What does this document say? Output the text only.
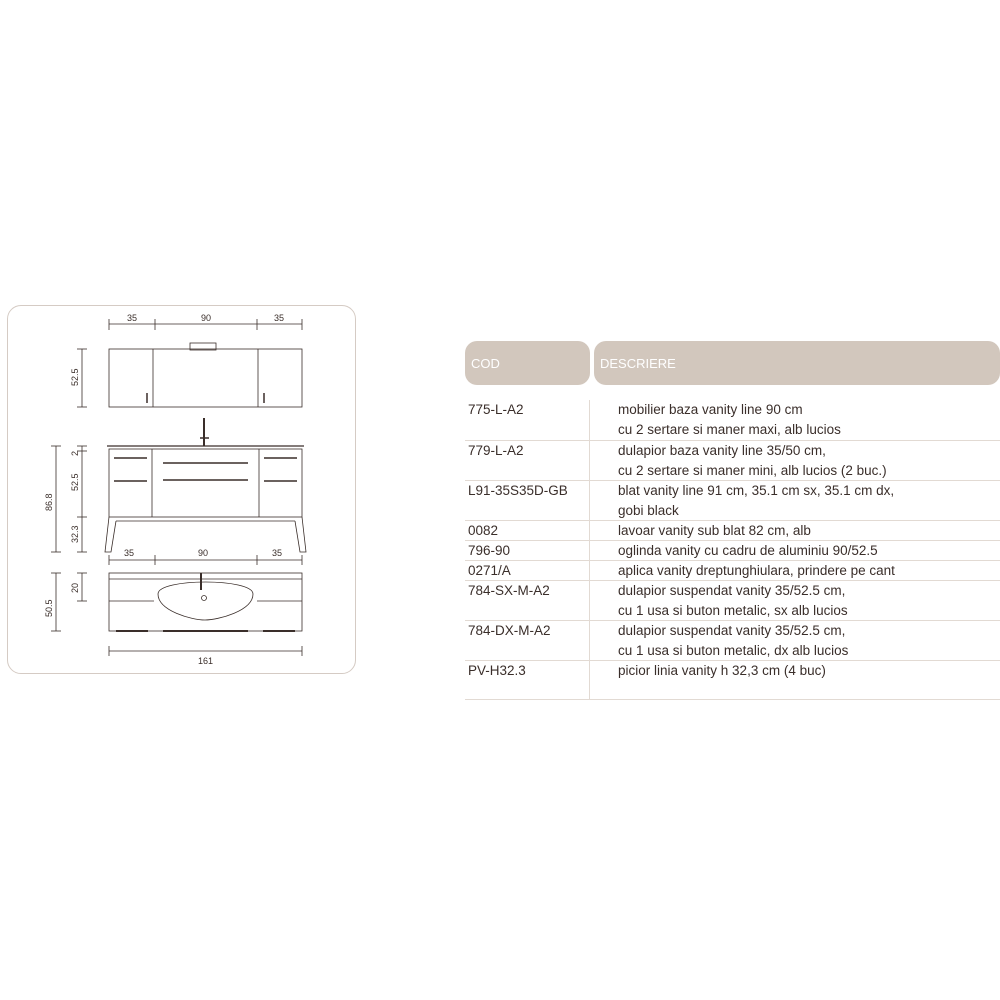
35	90	35
52.5
2
52.5
86.8
32.3
35	90	35
20
50.5
161
COD	DESCRIERE
775-L-A2	mobilier baza vanity line 90 cm
cu 2 sertare si maner maxi, alb lucios
779-L-A2	dulapior baza vanity line 35/50 cm,
cu 2 sertare si maner mini, alb lucios (2 buc.)
L91-35S35D-GB	blat vanity line 91 cm, 35.1 cm sx, 35.1 cm dx,
gobi black
0082	lavoar vanity sub blat 82 cm, alb
796-90	oglinda vanity cu cadru de aluminiu 90/52.5
0271/A	aplica vanity dreptunghiulara, prindere pe cant
784-SX-M-A2	dulapior suspendat vanity 35/52.5 cm,
cu 1 usa si buton metalic, sx alb lucios
784-DX-M-A2	dulapior suspendat vanity 35/52.5 cm,
cu 1 usa si buton metalic, dx alb lucios
PV-H32.3	picior linia vanity h 32,3 cm (4 buc)
